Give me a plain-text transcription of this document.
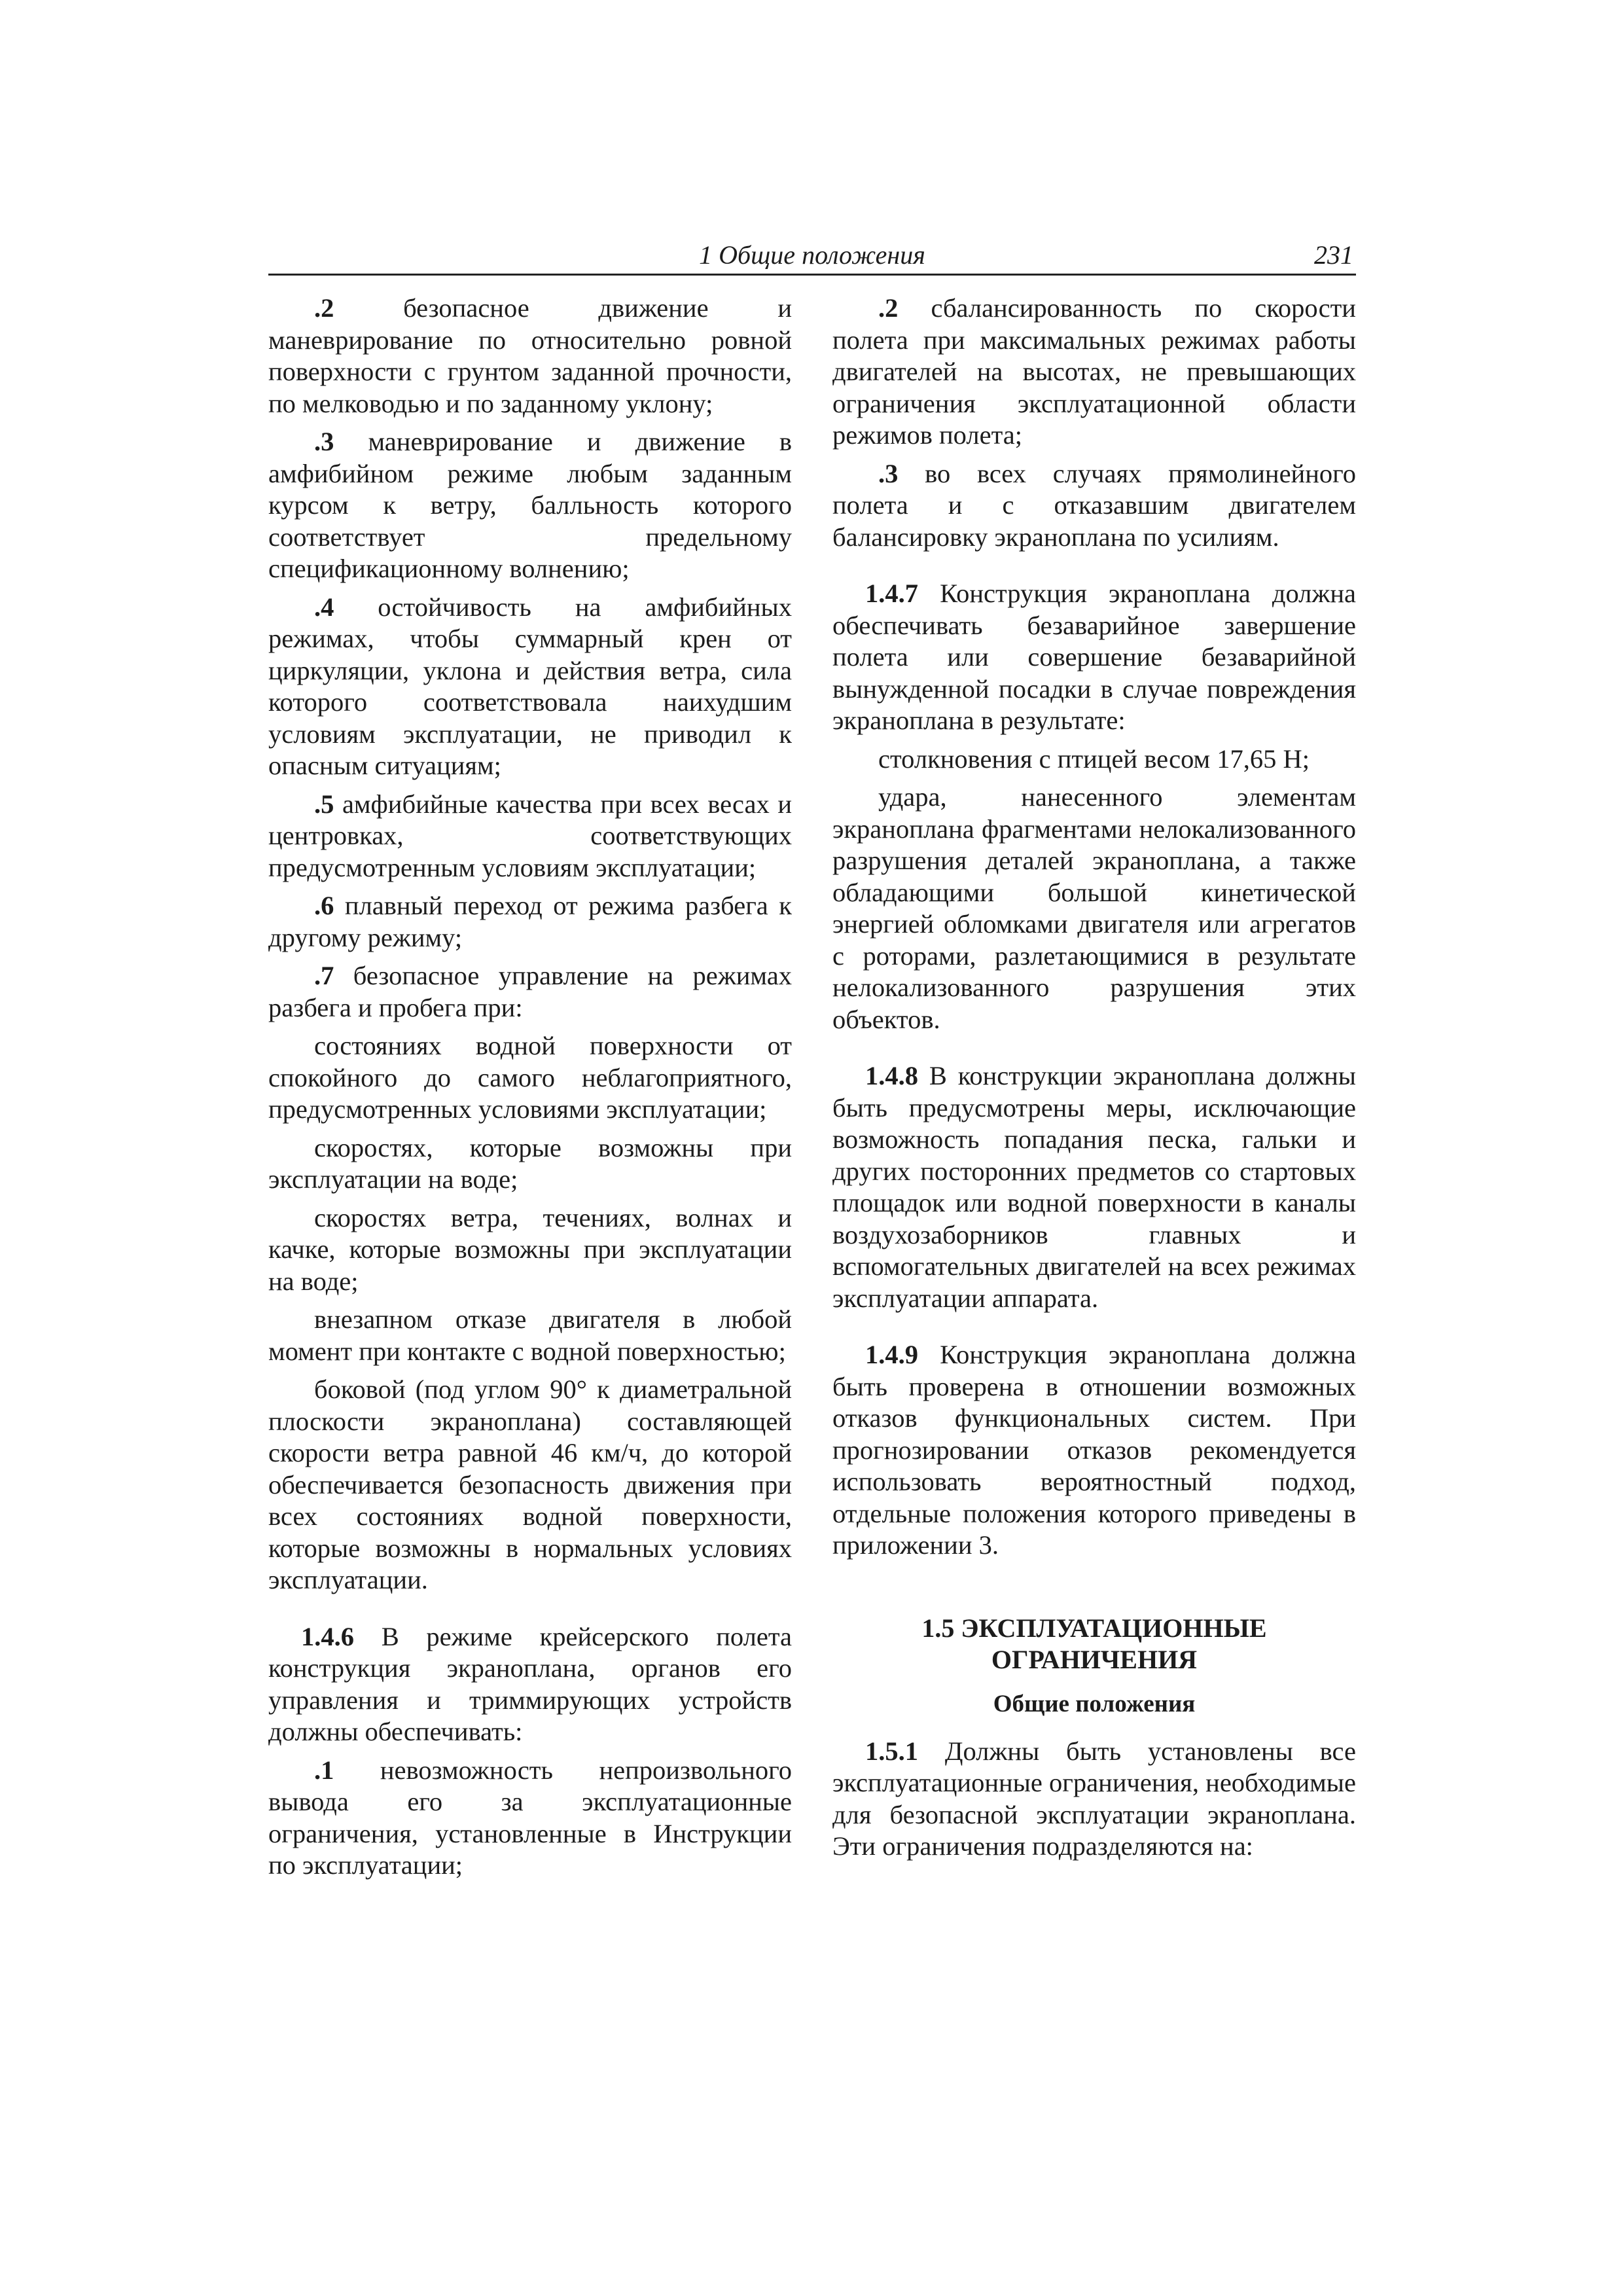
1 Общие положения	231

.2 безопасное движение и маневрирование по относительно ровной поверхности с грунтом заданной прочности, по мелководью и по заданному уклону;

.3 маневрирование и движение в амфибийном режиме любым заданным курсом к ветру, балльность которого соответствует предельному спецификационному волнению;

.4 остойчивость на амфибийных режимах, чтобы суммарный крен от циркуляции, уклона и действия ветра, сила которого соответствовала наихудшим условиям эксплуатации, не приводил к опасным ситуациям;

.5 амфибийные качества при всех весах и центровках, соответствующих предусмотренным условиям эксплуатации;

.6 плавный переход от режима разбега к другому режиму;

.7 безопасное управление на режимах разбега и пробега при:

состояниях водной поверхности от спокойного до самого неблагоприятного, предусмотренных условиями эксплуатации;

скоростях, которые возможны при эксплуатации на воде;

скоростях ветра, течениях, волнах и качке, которые возможны при эксплуатации на воде;

внезапном отказе двигателя в любой момент при контакте с водной поверхностью;

боковой (под углом 90° к диаметральной плоскости экраноплана) составляющей скорости ветра равной 46 км/ч, до которой обеспечивается безопасность движения при всех состояниях водной поверхности, которые возможны в нормальных условиях эксплуатации.

1.4.6 В режиме крейсерского полета конструкция экраноплана, органов его управления и триммирующих устройств должны обеспечивать:

.1 невозможность непроизвольного вывода его за эксплуатационные ограничения, установленные в Инструкции по эксплуатации;

.2 сбалансированность по скорости полета при максимальных режимах работы двигателей на высотах, не превышающих ограничения эксплуатационной области режимов полета;

.3 во всех случаях прямолинейного полета и с отказавшим двигателем балансировку экраноплана по усилиям.

1.4.7 Конструкция экраноплана должна обеспечивать безаварийное завершение полета или совершение безаварийной вынужденной посадки в случае повреждения экраноплана в результате:

столкновения с птицей весом 17,65 Н;

удара, нанесенного элементам экраноплана фрагментами нелокализованного разрушения деталей экраноплана, а также обладающими большой кинетической энергией обломками двигателя или агрегатов с роторами, разлетающимися в результате нелокализованного разрушения этих объектов.

1.4.8 В конструкции экраноплана должны быть предусмотрены меры, исключающие возможность попадания песка, гальки и других посторонних предметов со стартовых площадок или водной поверхности в каналы воздухозаборников главных и вспомогательных двигателей на всех режимах эксплуатации аппарата.

1.4.9 Конструкция экраноплана должна быть проверена в отношении возможных отказов функциональных систем. При прогнозировании отказов рекомендуется использовать вероятностный подход, отдельные положения которого приведены в приложении 3.

1.5 ЭКСПЛУАТАЦИОННЫЕ ОГРАНИЧЕНИЯ
Общие положения

1.5.1 Должны быть установлены все эксплуатационные ограничения, необходимые для безопасной эксплуатации экраноплана. Эти ограничения подразделяются на:
